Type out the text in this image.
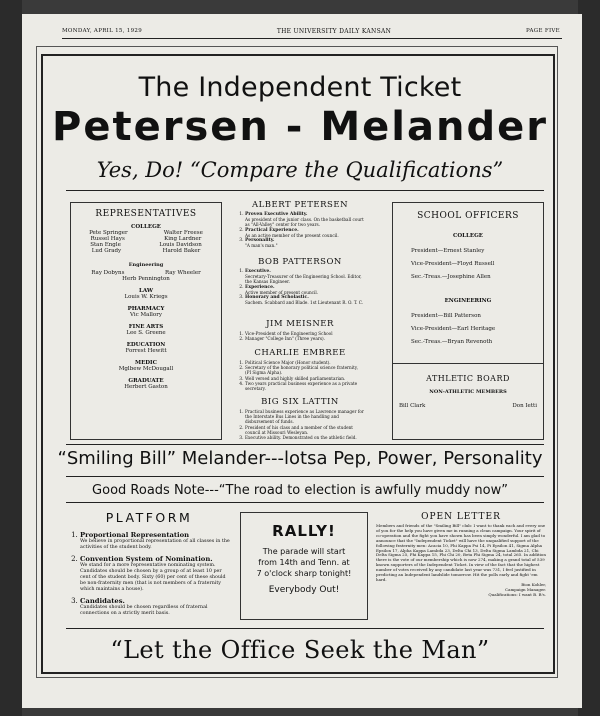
MONDAY, APRIL 15, 1929	THE UNIVERSITY DAILY KANSAN	PAGE FIVE
The Independent Ticket
Petersen - Melander
Yes, Do! “Compare the Qualifications”
REPRESENTATIVES
COLLEGE
Pete Springer	Walter Freese
Russel Hays	King Lardner
Stan Engle	Louis Davidson
Lud Grady	Harold Baker
Engineering
Ray Dobyns	Ray Wheeler
Herb Pennington
LAW
Louis W. Kriegs
PHARMACY
Vic Mallory
FINE ARTS
Lee S. Greene
EDUCATION
Forrest Hewitt
MEDIC
Mglbew McDougall
GRADUATE
Herbert Gaston
ALBERT PETERSEN
1. Proven Executive Ability.
As president of the junior class. On the basketball court as "All-Valley" center for two years.
2. Practical Experience.
As an active member of the present council.
3. Personality.
"A man's man."
BOB PATTERSON
1. Executive.
Secretary-Treasurer of the Engineering School. Editor, the Kansas Engineer.
2. Experience.
Active member of present council.
3. Honorary and Scholastic.
Sachem. Scabbard and Blade. 1st Lieutenant R. O. T. C.
JIM MEISNER
1. Vice-President of the Engineering School
2. Manager "College Inn" (Three years).
CHARLIE EMBREE
1. Political Science Major (Honor student).
2. Secretary of the honorary political science fraternity, (PI Sigma Alpha).
3. Well versed and highly skilled parliamentarian.
4. Two years practical business experience as a private secretary.
BIG SIX LATTIN
1. Practical business experience as Lawrence manager for the Interstate Bus Lines in the handling and disbursement of funds.
2. President of his class and a member of the student council at Missouri Wesleyan.
3. Executive ability. Demonstrated on the athletic field.
SCHOOL OFFICERS
COLLEGE
President—Ernest Stanley
Vice-President—Floyd Russell
Sec.-Treas.—Josephine Allen
ENGINEERING
President—Bill Patterson
Vice-President—Earl Heritage
Sec.-Treas.—Bryan Revenoth
ATHLETIC BOARD
NON-ATHLETIC MEMBERS
Bill Clark	Don Ietti
“Smiling Bill” Melander---lotsa Pep, Power, Personality
Good Roads Note---“The road to election is awfully muddy now”
PLATFORM
1. Proportional Representation
We believe in proportional representation of all classes in the activities of the student body.
2. Convention System of Nomination.
We stand for a more representative nominating system. Candidates should be chosen by a group of at least 10 per cent of the student body. Sixty (60) per cent of these should be non-fraternity men (that is not members of a fraternity which maintains a house).
3. Candidates.
Candidates should be chosen regardless of fraternal connections on a strictly merit basis.
RALLY!
The parade will start
from 14th and Tenn. at
7 o'clock sharp tonight!
Everybody Out!
OPEN LETTER
Members and friends of the "Smiling Bill" club: I want to thank each and every one of you for the help you have given me in running a clean campaign. Your spirit of co-operation and the fight you have shown has been simply wonderful. I am glad to announce that the "Independent Ticket" will have the unqualified support of the following fraternity men: Acacia 10, Phi Kappa Psi 14, Pi Epsilon 41, Sigma Alpha Epsilon 17, Alpha Kappa Lambda 23, Delta Chi 13, Delta Sigma Lambda 21, Chi Delta Sigma 25, Phi Kappa 15, Phi Chi 20, Beta Phi Sigma 24, total 265. In addition there is the vote of our membership which is now 274, making a grand total of 539 known supporters of the Independent Ticket. In view of the fact that the highest number of votes received by any candidate last year was 731, I feel justified in predicting an Independent landslide tomorrow. Hit the polls early and fight 'em hard.
Bion Kohler,
Campaign Manager.
Qualifications: I want B. B's.
“Let the Office Seek the Man”
